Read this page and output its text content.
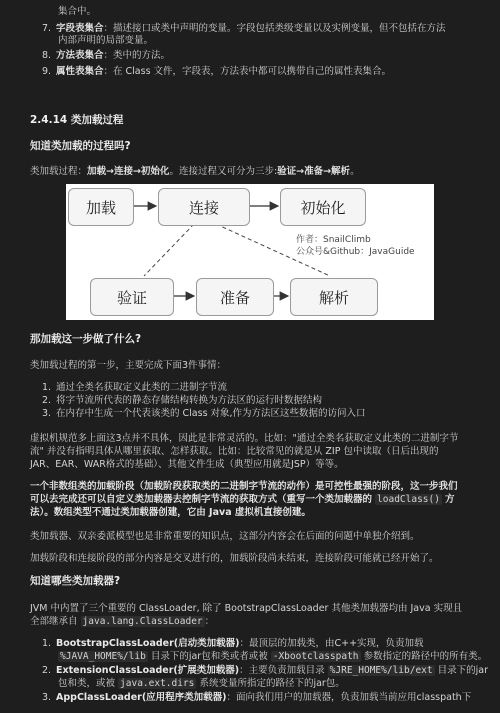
集合中。
7. 字段表集合：描述接口或类中声明的变量。字段包括类级变量以及实例变量，但不包括在方法
内部声明的局部变量。
8. 方法表集合：类中的方法。
9. 属性表集合：在 Class 文件，字段表，方法表中都可以携带自己的属性表集合。
2.4.14 类加载过程
知道类加载的过程吗?
类加载过程：加载→连接→初始化。连接过程又可分为三步:验证→准备→解析。
加载	连接	初始化
作者：SnailClimb
公众号&Github：JavaGuide
验证	准备	解析
那加载这一步做了什么?
类加载过程的第一步，主要完成下面3件事情：
1. 通过全类名获取定义此类的二进制字节流
2. 将字节流所代表的静态存储结构转换为方法区的运行时数据结构
3. 在内存中生成一个代表该类的 Class 对象,作为方法区这些数据的访问入口
虚拟机规范多上面这3点并不具体，因此是非常灵活的。比如："通过全类名获取定义此类的二进制字节
流" 并没有指明具体从哪里获取、怎样获取。比如：比较常见的就是从 ZIP 包中读取（日后出现的
JAR、EAR、WAR格式的基础）、其他文件生成（典型应用就是JSP）等等。
一个非数组类的加载阶段（加载阶段获取类的二进制字节流的动作）是可控性最强的阶段，这一步我们
可以去完成还可以自定义类加载器去控制字节流的获取方式（重写一个类加载器的 loadClass() 方
法）。数组类型不通过类加载器创建，它由 Java 虚拟机直接创建。
类加载器、双亲委派模型也是非常重要的知识点，这部分内容会在后面的问题中单独介绍到。
加载阶段和连接阶段的部分内容是交叉进行的，加载阶段尚未结束，连接阶段可能就已经开始了。
知道哪些类加载器?
JVM 中内置了三个重要的 ClassLoader, 除了 BootstrapClassLoader 其他类加载器均由 Java 实现且
全部继承自 java.lang.ClassLoader ：
1. BootstrapClassLoader(启动类加载器)：最顶层的加载类，由C++实现，负责加载
%JAVA_HOME%/lib 目录下的jar包和类或者或被 -Xbootclasspath 参数指定的路径中的所有类。
2. ExtensionClassLoader(扩展类加载器)：主要负责加载目录 %JRE_HOME%/lib/ext 目录下的jar
包和类，或被 java.ext.dirs 系统变量所指定的路径下的jar包。
3. AppClassLoader(应用程序类加载器)：面向我们用户的加载器，负责加载当前应用classpath下
